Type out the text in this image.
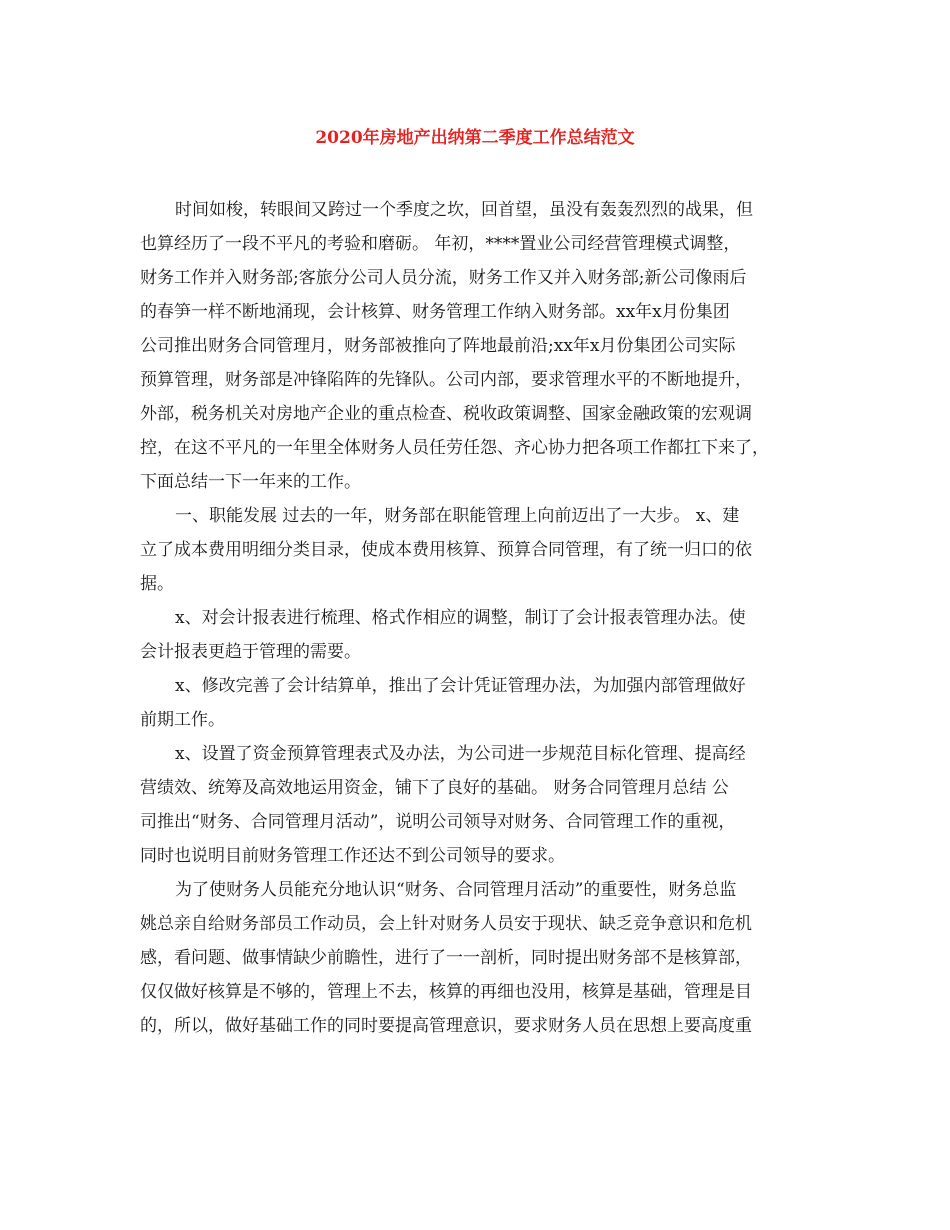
2020年房地产出纳第二季度工作总结范文

时间如梭，转眼间又跨过一个季度之坎，回首望，虽没有轰轰烈烈的战果，但
也算经历了一段不平凡的考验和磨砺。 年初，****置业公司经营管理模式调整，
财务工作并入财务部;客旅分公司人员分流，财务工作又并入财务部;新公司像雨后
的春笋一样不断地涌现，会计核算、财务管理工作纳入财务部。xx年x月份集团
公司推出财务合同管理月，财务部被推向了阵地最前沿;xx年x月份集团公司实际
预算管理，财务部是冲锋陷阵的先锋队。公司内部，要求管理水平的不断地提升，
外部，税务机关对房地产企业的重点检查、税收政策调整、国家金融政策的宏观调
控，在这不平凡的一年里全体财务人员任劳任怨、齐心协力把各项工作都扛下来了，
下面总结一下一年来的工作。

一、职能发展 过去的一年，财务部在职能管理上向前迈出了一大步。 x、建
立了成本费用明细分类目录，使成本费用核算、预算合同管理，有了统一归口的依
据。

x、对会计报表进行梳理、格式作相应的调整，制订了会计报表管理办法。使
会计报表更趋于管理的需要。

x、修改完善了会计结算单，推出了会计凭证管理办法，为加强内部管理做好
前期工作。

x、设置了资金预算管理表式及办法，为公司进一步规范目标化管理、提高经
营绩效、统筹及高效地运用资金，铺下了良好的基础。 财务合同管理月总结 公
司推出“财务、合同管理月活动”，说明公司领导对财务、合同管理工作的重视，
同时也说明目前财务管理工作还达不到公司领导的要求。

为了使财务人员能充分地认识“财务、合同管理月活动”的重要性，财务总监
姚总亲自给财务部员工作动员，会上针对财务人员安于现状、缺乏竞争意识和危机
感，看问题、做事情缺少前瞻性，进行了一一剖析，同时提出财务部不是核算部，
仅仅做好核算是不够的，管理上不去，核算的再细也没用，核算是基础，管理是目
的，所以，做好基础工作的同时要提高管理意识，要求财务人员在思想上要高度重
